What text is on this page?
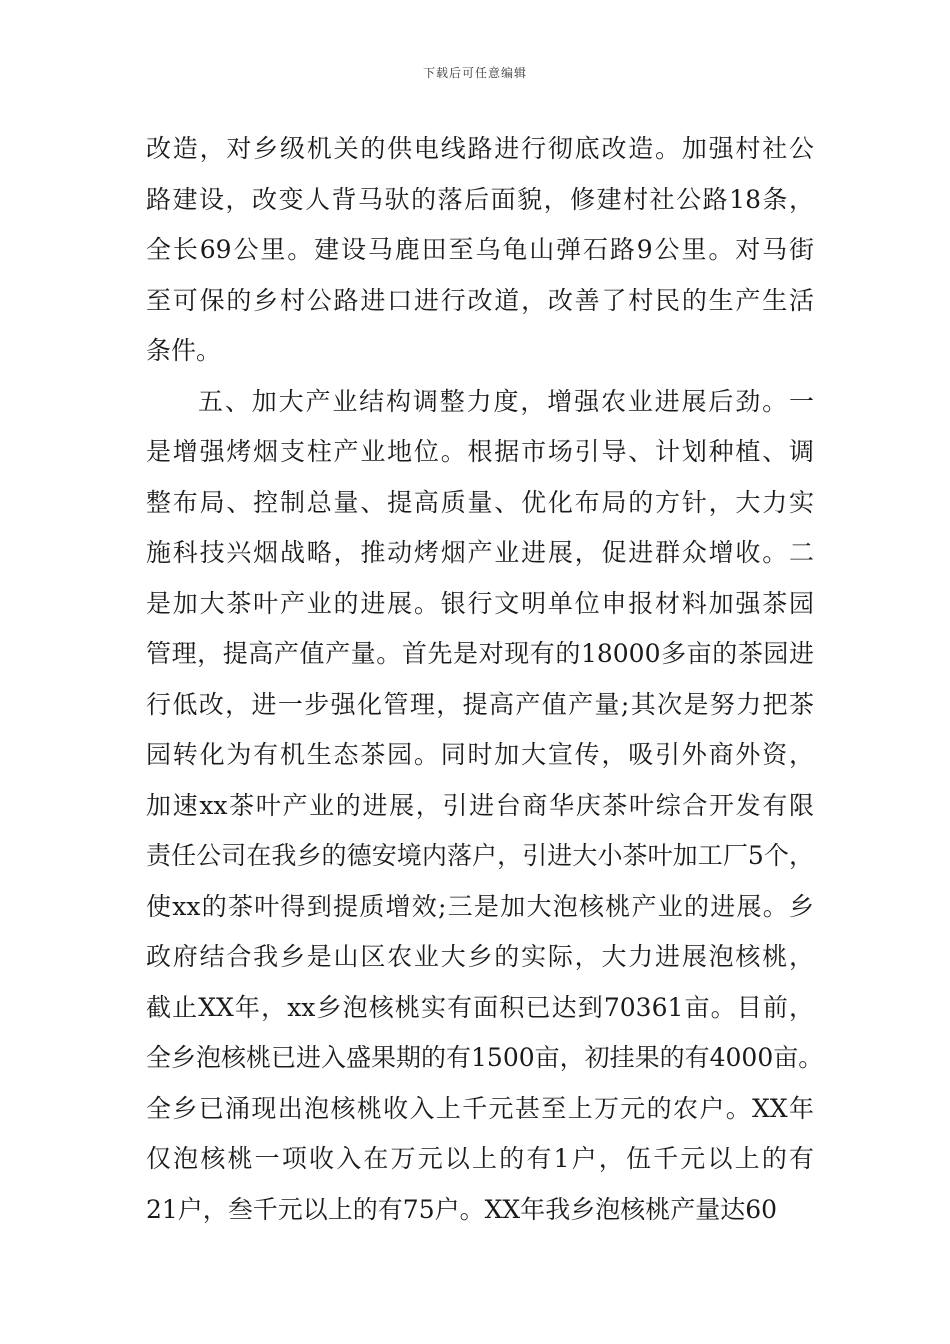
下载后可任意编辑
改造，对乡级机关的供电线路进行彻底改造。加强村社公
路建设，改变人背马驮的落后面貌，修建村社公路18条，
全长69公里。建设马鹿田至乌龟山弹石路9公里。对马街
至可保的乡村公路进口进行改道，改善了村民的生产生活
条件。
五、加大产业结构调整力度，增强农业进展后劲。一
是增强烤烟支柱产业地位。根据市场引导、计划种植、调
整布局、控制总量、提高质量、优化布局的方针，大力实
施科技兴烟战略，推动烤烟产业进展，促进群众增收。二
是加大茶叶产业的进展。银行文明单位申报材料加强茶园
管理，提高产值产量。首先是对现有的18000多亩的茶园进
行低改，进一步强化管理，提高产值产量;其次是努力把茶
园转化为有机生态茶园。同时加大宣传，吸引外商外资，
加速xx茶叶产业的进展，引进台商华庆茶叶综合开发有限
责任公司在我乡的德安境内落户，引进大小茶叶加工厂5个，
使xx的茶叶得到提质增效;三是加大泡核桃产业的进展。乡
政府结合我乡是山区农业大乡的实际，大力进展泡核桃，
截止XX年，xx乡泡核桃实有面积已达到70361亩。目前，
全乡泡核桃已进入盛果期的有1500亩，初挂果的有4000亩。
全乡已涌现出泡核桃收入上千元甚至上万元的农户。XX年
仅泡核桃一项收入在万元以上的有1户，伍千元以上的有
21户，叁千元以上的有75户。XX年我乡泡核桃产量达60
